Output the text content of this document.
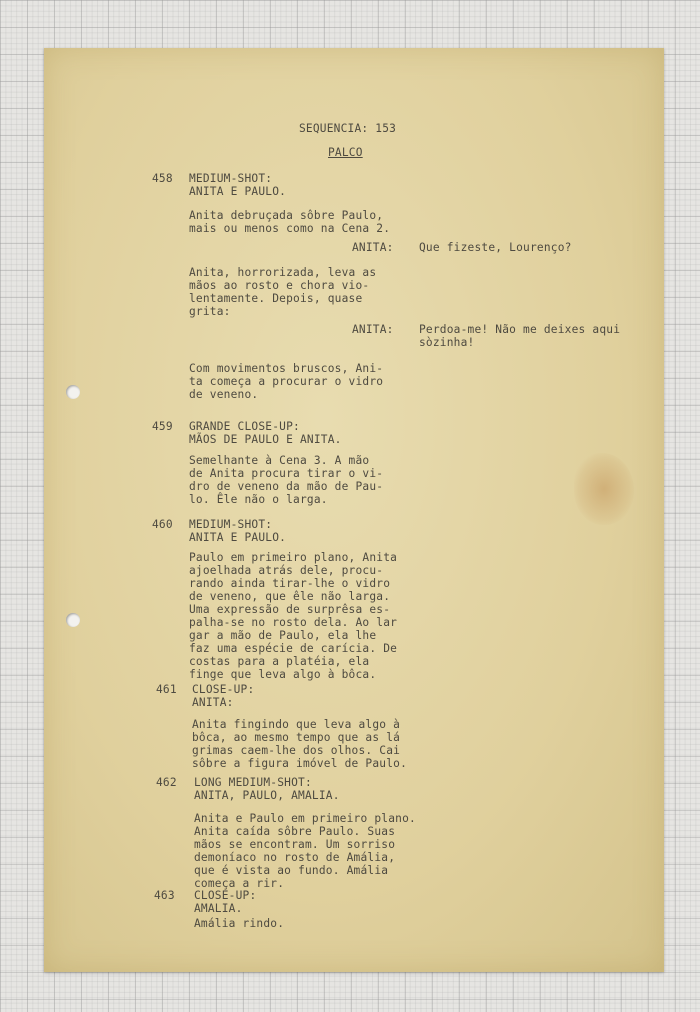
SEQUENCIA: 153

PALCO

458 MEDIUM-SHOT:

ANITA E PAULO.

Anita debruçada sôbre Paulo,
mais ou menos como na Cena 2.

ANITA: Que fizeste, Lourenço?

Anita, horrorizada, leva as
mãos ao rosto e chora vio-
lentamente. Depois, quase
grita:

ANITA: Perdoa-me! Não me deixes aqui
sòzinha!

Com movimentos bruscos, Ani-
ta começa a procurar o vidro
de veneno.

459 GRANDE CLOSE-UP:

MÃOS DE PAULO E ANITA.

Semelhante à Cena 3. A mão
de Anita procura tirar o vi-
dro de veneno da mão de Pau-
lo. Êle não o larga.

460 MEDIUM-SHOT:

ANITA E PAULO.

Paulo em primeiro plano, Anita
ajoelhada atrás dele, procu-
rando ainda tirar-lhe o vidro
de veneno, que êle não larga.
Uma expressão de surprêsa es-
palha-se no rosto dela. Ao lar
gar a mão de Paulo, ela lhe
faz uma espécie de carícia. De
costas para a platéia, ela
finge que leva algo à bôca.

461 CLOSE-UP:

ANITA:

Anita fingindo que leva algo à
bôca, ao mesmo tempo que as lá
grimas caem-lhe dos olhos. Cai
sôbre a figura imóvel de Paulo.

462 LONG MEDIUM-SHOT:

ANITA, PAULO, AMALIA.

Anita e Paulo em primeiro plano.
Anita caída sôbre Paulo. Suas
mãos se encontram. Um sorriso
demoníaco no rosto de Amália,
que é vista ao fundo. Amália
começa a rir.

463 CLOSE-UP:

AMALIA.

Amália rindo.
